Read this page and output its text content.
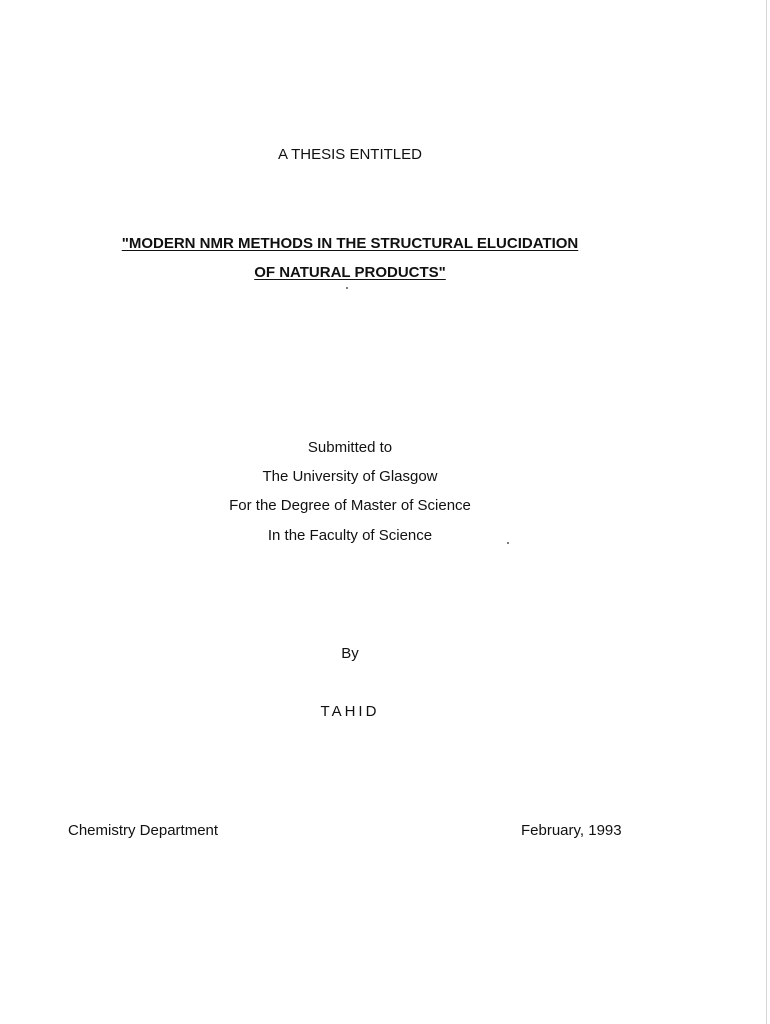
A THESIS ENTITLED
"MODERN NMR METHODS IN THE STRUCTURAL ELUCIDATION
OF NATURAL PRODUCTS"
Submitted to
The University of Glasgow
For the Degree of Master of Science
In the Faculty of Science
By
TAHID
Chemistry Department	February, 1993
